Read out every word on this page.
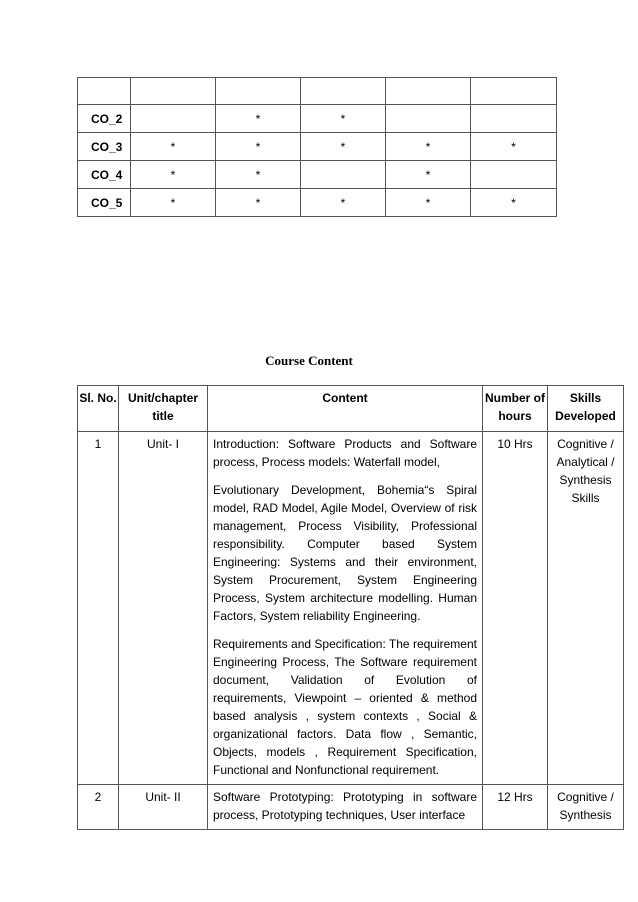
CO_2		*	*		
CO_3	*	*	*	*	*
CO_4	*	*		*	
CO_5	*	*	*	*	*
Course Content
Sl. No.	Unit/chapter title	Content	Number of hours	Skills Developed
1	Unit- I	Introduction: Software Products and Software process, Process models: Waterfall model,

Evolutionary Development, Bohemia“s Spiral model, RAD Model, Agile Model, Overview of risk management, Process Visibility, Professional responsibility. Computer based System Engineering: Systems and their environment, System Procurement, System Engineering Process, System architecture modelling. Human Factors, System reliability Engineering.

Requirements and Specification: The requirement Engineering Process, The Software requirement document, Validation of Evolution of requirements, Viewpoint – oriented & method based analysis , system contexts , Social & organizational factors. Data flow , Semantic, Objects, models , Requirement Specification, Functional and Nonfunctional requirement.	10 Hrs	Cognitive / Analytical / Synthesis Skills
2	Unit- II	Software Prototyping: Prototyping in software process, Prototyping techniques, User interface	12 Hrs	Cognitive / Synthesis
